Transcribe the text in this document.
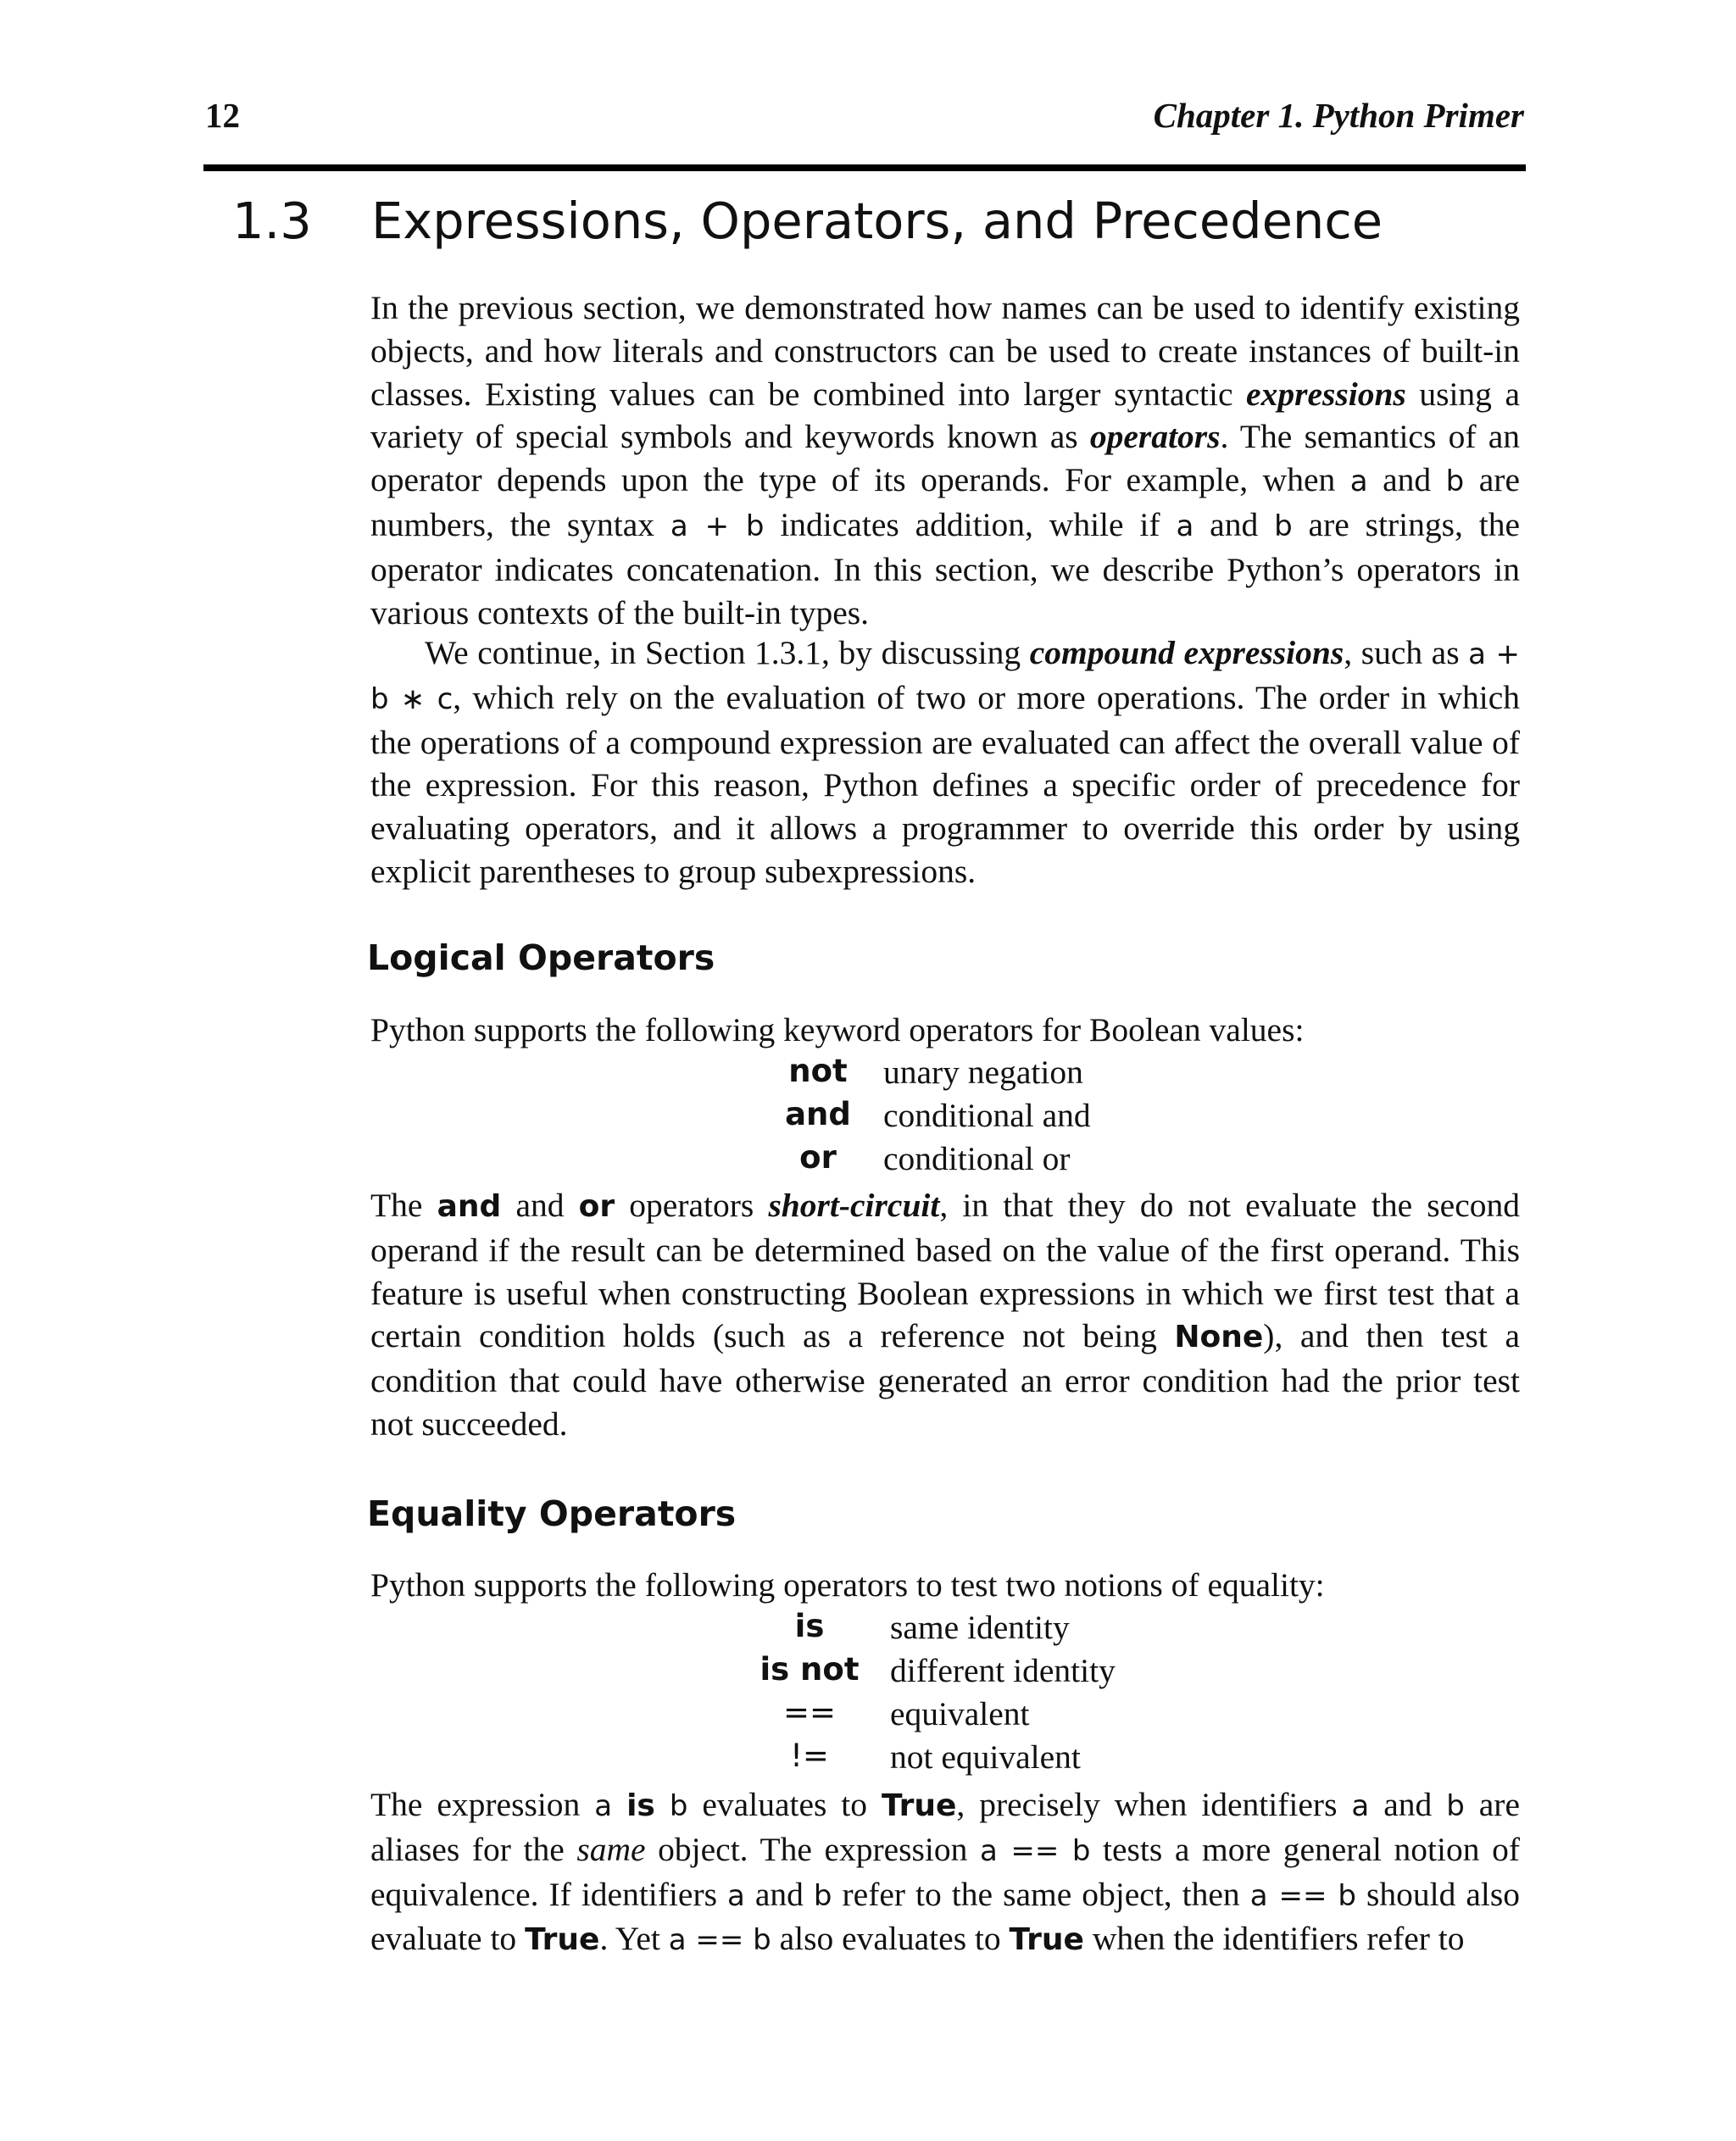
12	Chapter 1. Python Primer
1.3 Expressions, Operators, and Precedence

In the previous section, we demonstrated how names can be used to identify existing objects, and how literals and constructors can be used to create instances of built-in classes. Existing values can be combined into larger syntactic expressions using a variety of special symbols and keywords known as operators. The semantics of an operator depends upon the type of its operands. For example, when a and b are numbers, the syntax a + b indicates addition, while if a and b are strings, the operator indicates concatenation. In this section, we describe Python’s operators in various contexts of the built-in types.

We continue, in Section 1.3.1, by discussing compound expressions, such as a + b ∗ c, which rely on the evaluation of two or more operations. The order in which the operations of a compound expression are evaluated can affect the overall value of the expression. For this reason, Python defines a specific order of precedence for evaluating operators, and it allows a programmer to override this order by using explicit parentheses to group subexpressions.

Logical Operators

Python supports the following keyword operators for Boolean values:

not	unary negation
and conditional and
or	conditional or

The and and or operators short-circuit, in that they do not evaluate the second operand if the result can be determined based on the value of the first operand. This feature is useful when constructing Boolean expressions in which we first test that a certain condition holds (such as a reference not being None), and then test a condition that could have otherwise generated an error condition had the prior test not succeeded.

Equality Operators

Python supports the following operators to test two notions of equality:

is	same identity
is not different identity
==	equivalent
!=	not equivalent

The expression a is b evaluates to True, precisely when identifiers a and b are aliases for the same object. The expression a == b tests a more general notion of equivalence. If identifiers a and b refer to the same object, then a == b should also evaluate to True. Yet a == b also evaluates to True when the identifiers refer to
